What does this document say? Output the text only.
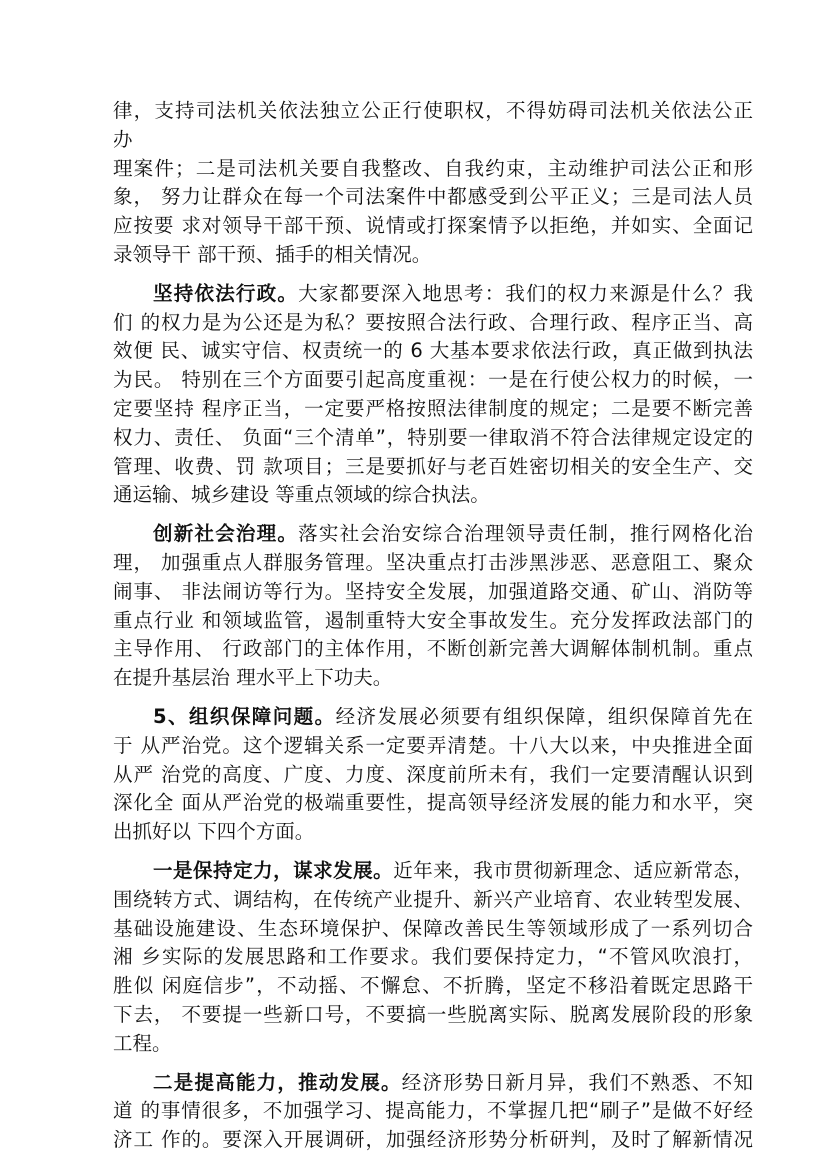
律，支持司法机关依法独立公正行使职权，不得妨碍司法机关依法公正
办
理案件；二是司法机关要自我整改、自我约束，主动维护司法公正和形
象， 努力让群众在每一个司法案件中都感受到公平正义；三是司法人员
应按要 求对领导干部干预、说情或打探案情予以拒绝，并如实、全面记
录领导干 部干预、插手的相关情况。
坚持依法行政。大家都要深入地思考：我们的权力来源是什么？我
们 的权力是为公还是为私？要按照合法行政、合理行政、程序正当、高
效便 民、诚实守信、权责统一的 6 大基本要求依法行政，真正做到执法
为民。 特别在三个方面要引起高度重视：一是在行使公权力的时候，一
定要坚持 程序正当，一定要严格按照法律制度的规定；二是要不断完善
权力、责任、 负面“三个清单”，特别要一律取消不符合法律规定设定的
管理、收费、罚 款项目；三是要抓好与老百姓密切相关的安全生产、交
通运输、城乡建设 等重点领域的综合执法。
创新社会治理。落实社会治安综合治理领导责任制，推行网格化治
理， 加强重点人群服务管理。坚决重点打击涉黑涉恶、恶意阻工、聚众
闹事、 非法闹访等行为。坚持安全发展，加强道路交通、矿山、消防等
重点行业 和领域监管，遏制重特大安全事故发生。充分发挥政法部门的
主导作用、 行政部门的主体作用，不断创新完善大调解体制机制。重点
在提升基层治 理水平上下功夫。
5、组织保障问题。经济发展必须要有组织保障，组织保障首先在
于 从严治党。这个逻辑关系一定要弄清楚。十八大以来，中央推进全面
从严 治党的高度、广度、力度、深度前所未有，我们一定要清醒认识到
深化全 面从严治党的极端重要性，提高领导经济发展的能力和水平，突
出抓好以 下四个方面。
一是保持定力，谋求发展。近年来，我市贯彻新理念、适应新常态，
围绕转方式、调结构，在传统产业提升、新兴产业培育、农业转型发展、
基础设施建设、生态环境保护、保障改善民生等领域形成了一系列切合
湘 乡实际的发展思路和工作要求。我们要保持定力，“不管风吹浪打，
胜似 闲庭信步”，不动摇、不懈怠、不折腾，坚定不移沿着既定思路干
下去， 不要提一些新口号，不要搞一些脱离实际、脱离发展阶段的形象
工程。
二是提高能力，推动发展。经济形势日新月异，我们不熟悉、不知
道 的事情很多，不加强学习、提高能力，不掌握几把“刷子”是做不好经
济工 作的。要深入开展调研，加强经济形势分析研判，及时了解新情况
